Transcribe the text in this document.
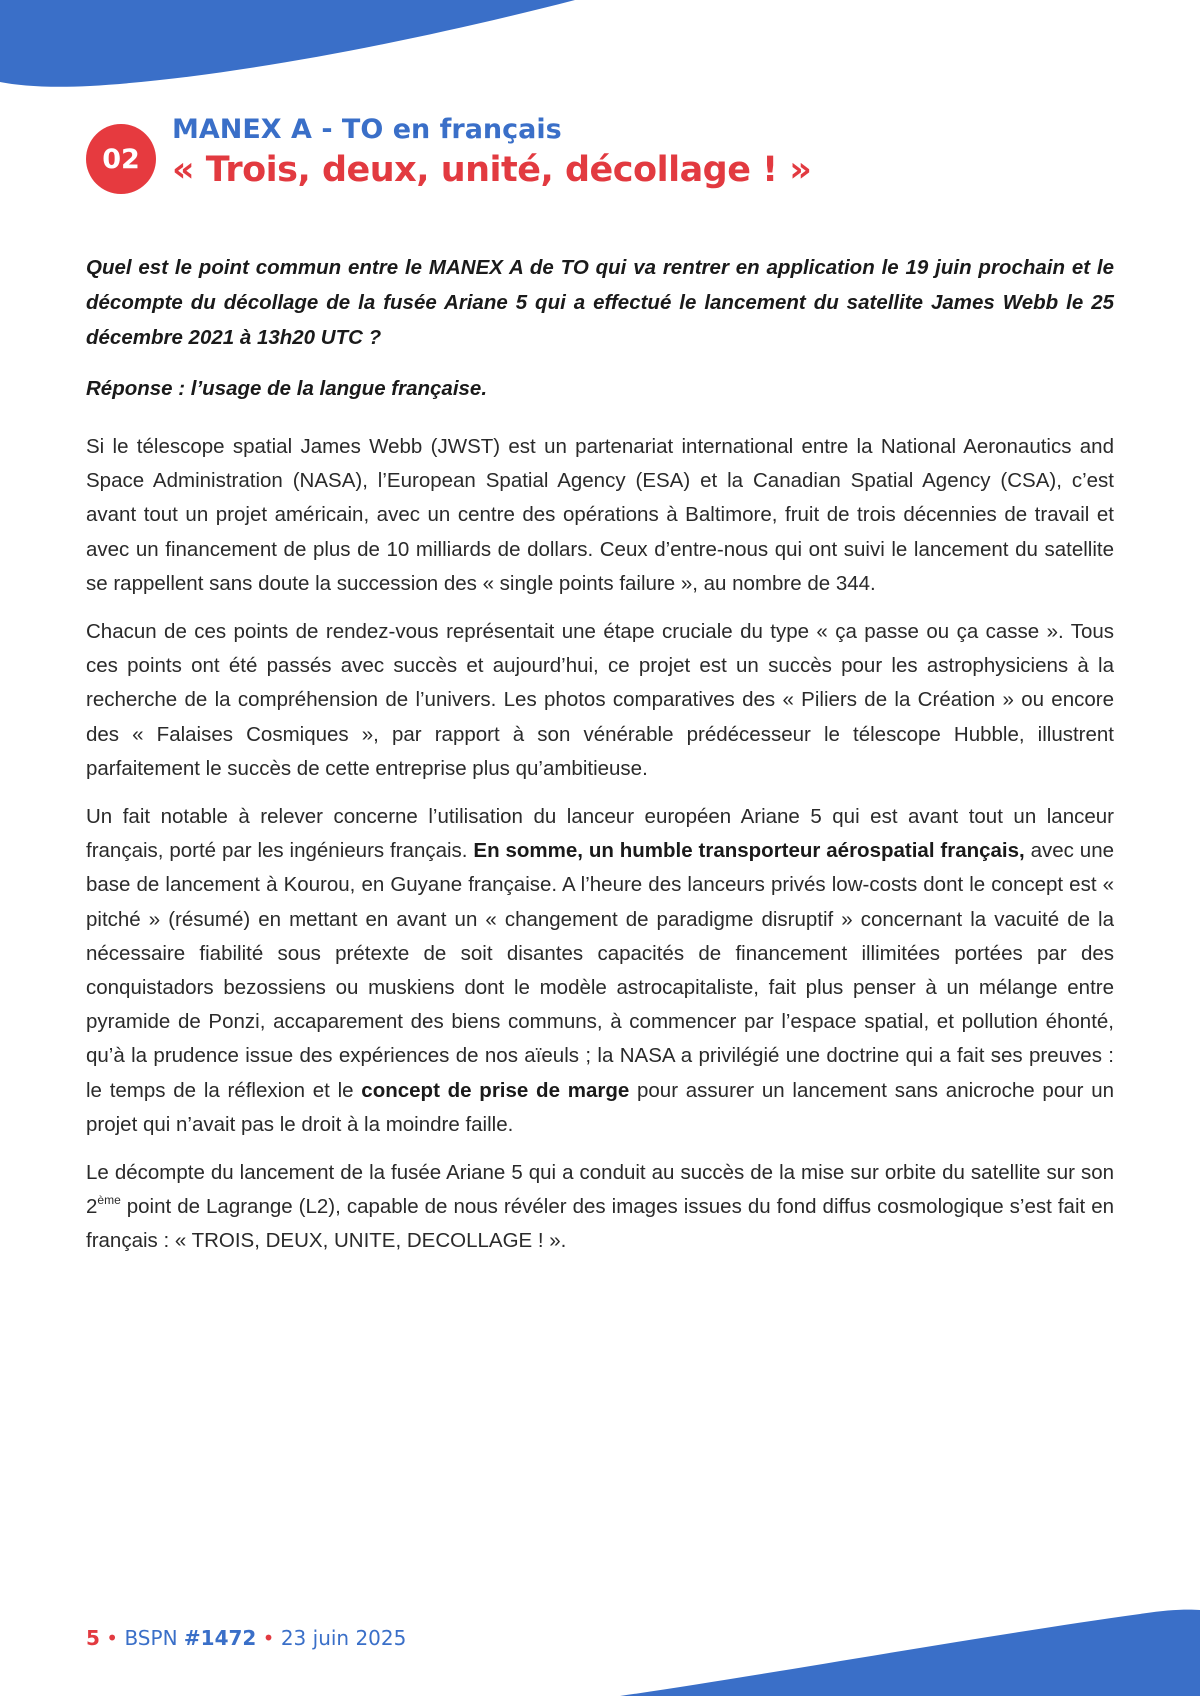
02
MANEX A - TO en français
« Trois, deux, unité, décollage ! »

Quel est le point commun entre le MANEX A de TO qui va rentrer en application le 19 juin prochain et le décompte du décollage de la fusée Ariane 5 qui a effectué le lancement du satellite James Webb le 25 décembre 2021 à 13h20 UTC ?

Réponse : l’usage de la langue française.

Si le télescope spatial James Webb (JWST) est un partenariat international entre la National Aeronautics and Space Administration (NASA), l’European Spatial Agency (ESA) et la Canadian Spatial Agency (CSA), c’est avant tout un projet américain, avec un centre des opérations à Baltimore, fruit de trois décennies de travail et avec un financement de plus de 10 milliards de dollars. Ceux d’entre-nous qui ont suivi le lancement du satellite se rappellent sans doute la succession des « single points failure », au nombre de 344.

Chacun de ces points de rendez-vous représentait une étape cruciale du type « ça passe ou ça casse ». Tous ces points ont été passés avec succès et aujourd’hui, ce projet est un succès pour les astrophysiciens à la recherche de la compréhension de l’univers. Les photos comparatives des « Piliers de la Création » ou encore des « Falaises Cosmiques », par rapport à son vénérable prédécesseur le télescope Hubble, illustrent parfaitement le succès de cette entreprise plus qu’ambitieuse.

Un fait notable à relever concerne l’utilisation du lanceur européen Ariane 5 qui est avant tout un lanceur français, porté par les ingénieurs français. En somme, un humble transporteur aérospatial français, avec une base de lancement à Kourou, en Guyane française. A l’heure des lanceurs privés low-costs dont le concept est « pitché » (résumé) en mettant en avant un « changement de paradigme disruptif » concernant la vacuité de la nécessaire fiabilité sous prétexte de soit disantes capacités de financement illimitées portées par des conquistadors bezossiens ou muskiens dont le modèle astrocapitaliste, fait plus penser à un mélange entre pyramide de Ponzi, accaparement des biens communs, à commencer par l’espace spatial, et pollution éhonté, qu’à la prudence issue des expériences de nos aïeuls ; la NASA a privilégié une doctrine qui a fait ses preuves : le temps de la réflexion et le concept de prise de marge pour assurer un lancement sans anicroche pour un projet qui n’avait pas le droit à la moindre faille.

Le décompte du lancement de la fusée Ariane 5 qui a conduit au succès de la mise sur orbite du satellite sur son 2ème point de Lagrange (L2), capable de nous révéler des images issues du fond diffus cosmologique s’est fait en français : « TROIS, DEUX, UNITE, DECOLLAGE ! ».

5 • BSPN #1472 • 23 juin 2025
